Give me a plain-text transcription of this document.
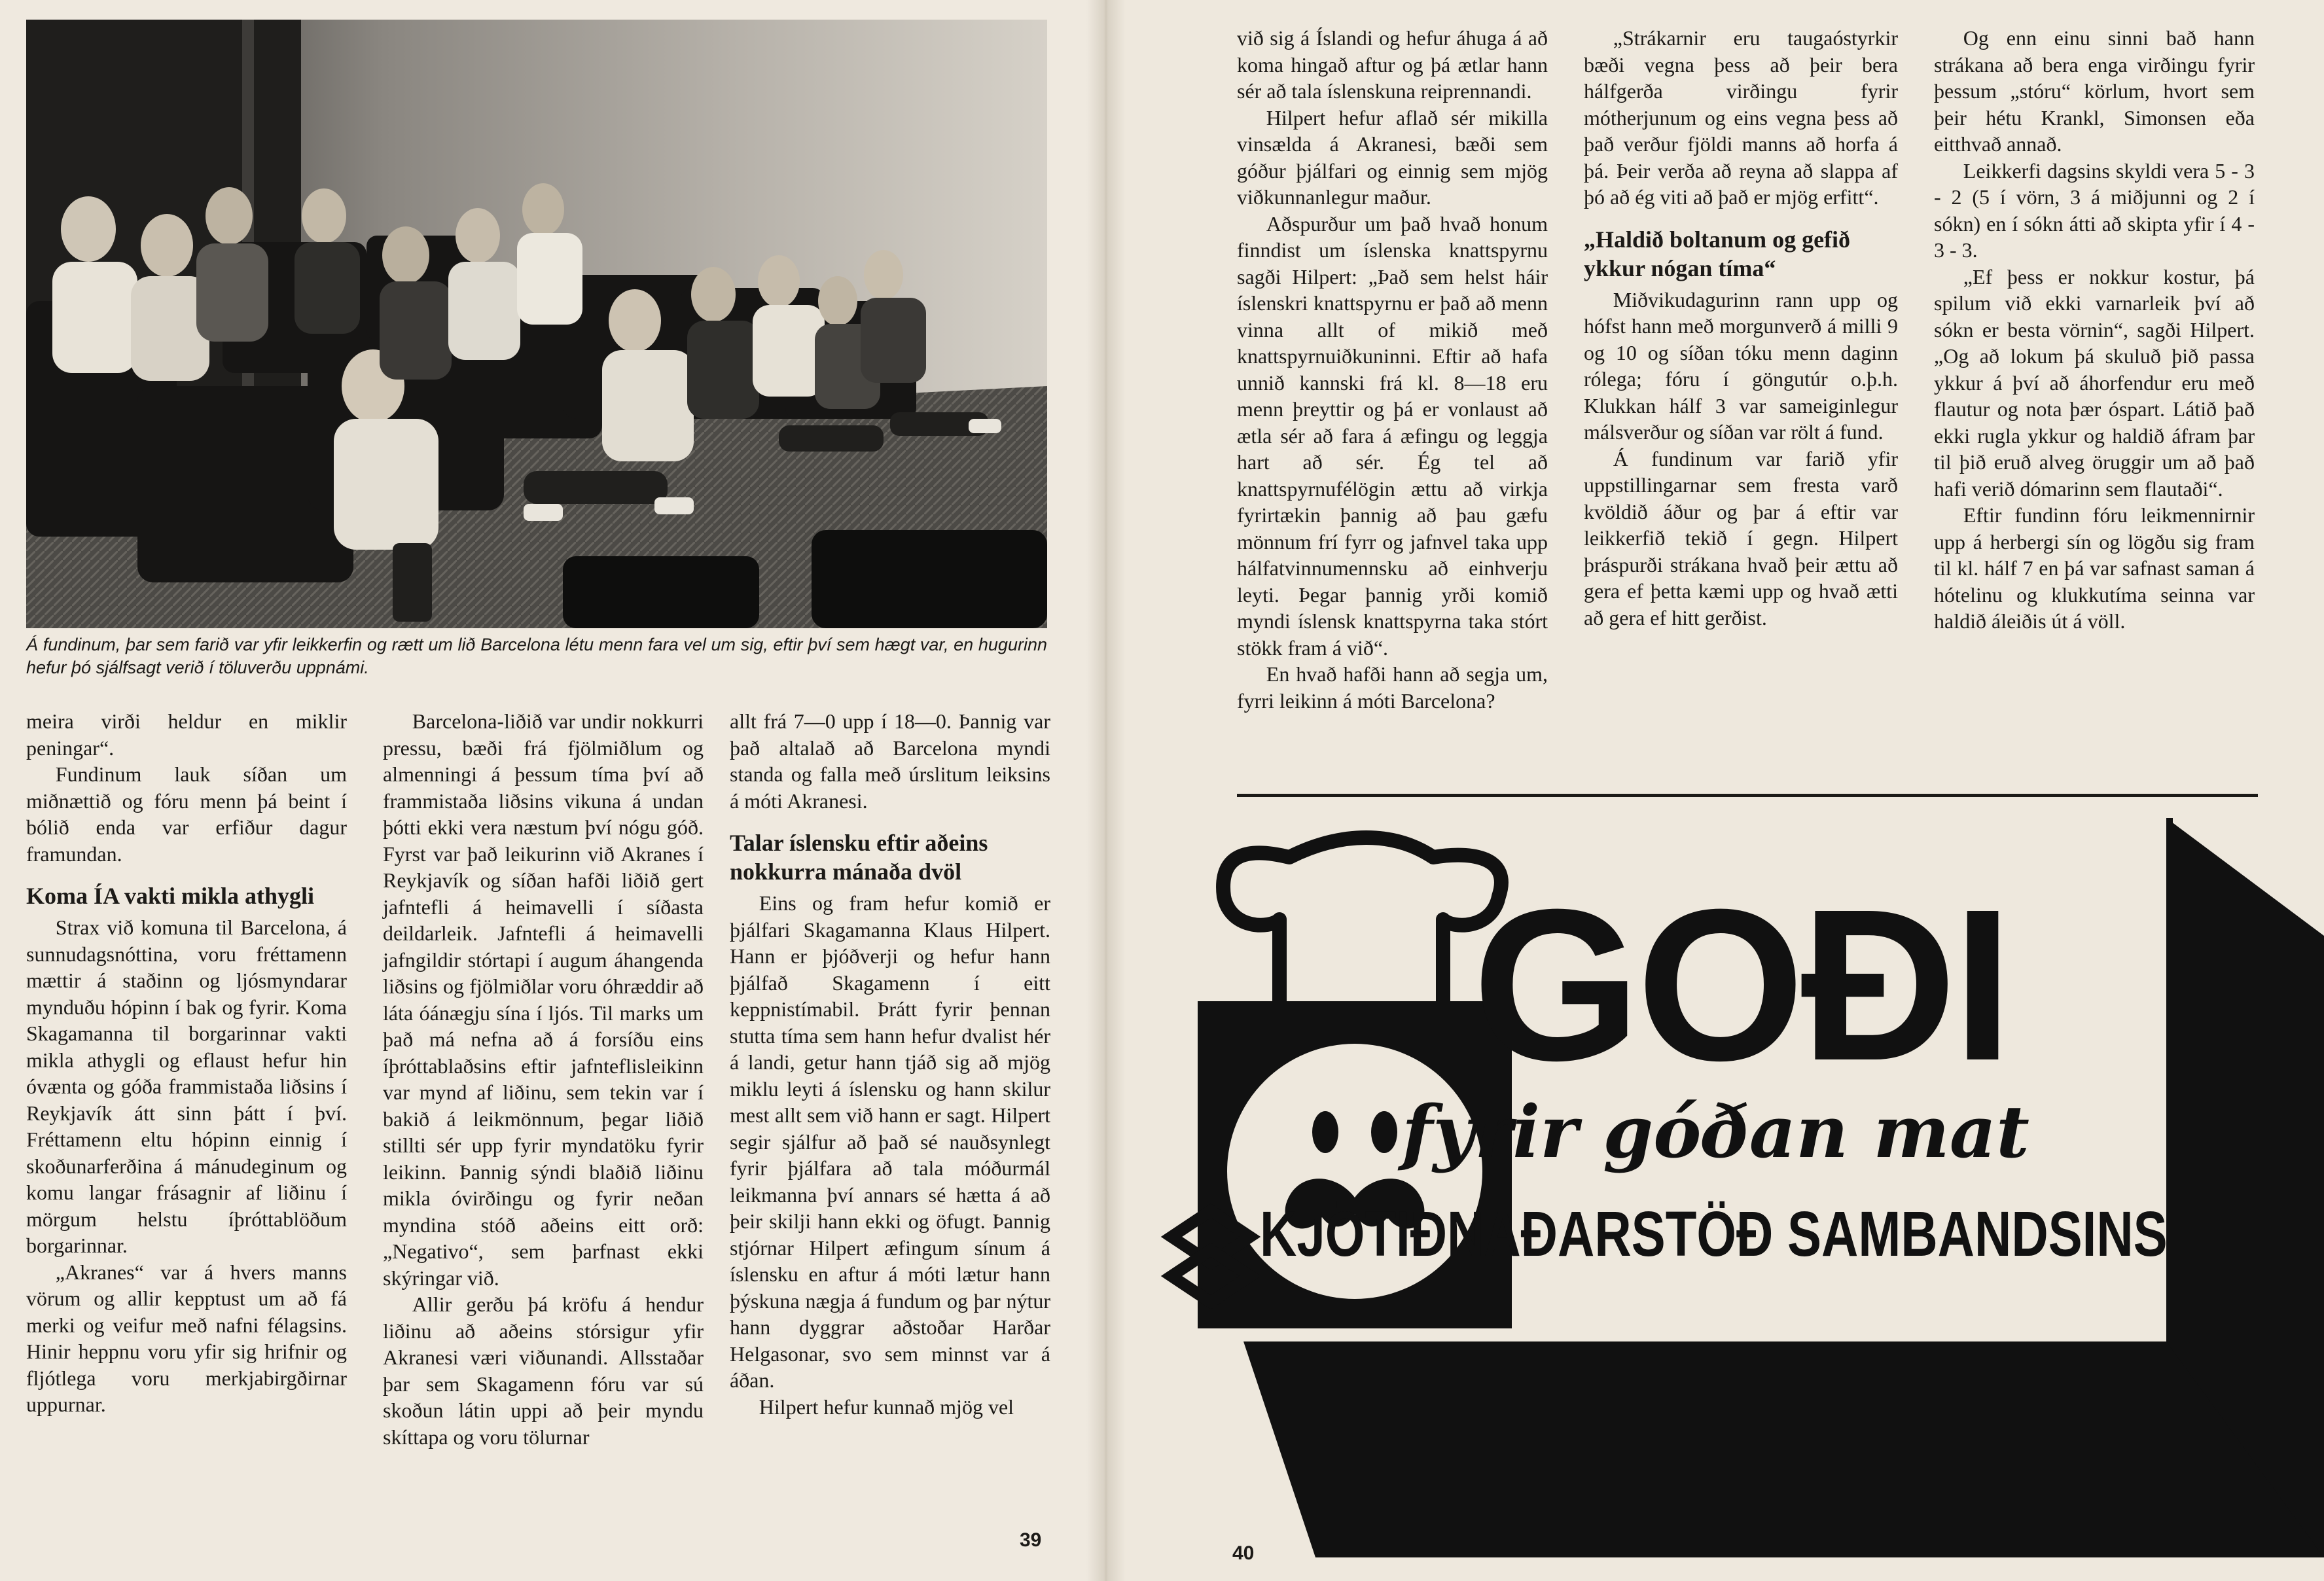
Á fundinum, þar sem farið var yfir leikkerfin og rætt um lið Barcelona létu menn fara vel um sig, eftir því sem hægt var, en hugurinn hefur þó sjálfsagt verið í töluverðu uppnámi.

meira virði heldur en miklir peningar“.

Fundinum lauk síðan um miðnættið og fóru menn þá beint í bólið enda var erfiður dagur framundan.

Koma ÍA vakti mikla athygli

Strax við komuna til Barcelona, á sunnudagsnóttina, voru fréttamenn mættir á staðinn og ljósmyndarar mynduðu hópinn í bak og fyrir. Koma Skagamanna til borgarinnar vakti mikla athygli og eflaust hefur hin óvænta og góða frammistaða liðsins í Reykjavík átt sinn þátt í því. Fréttamenn eltu hópinn einnig í skoðunarferðina á mánudeginum og komu langar frásagnir af liðinu í mörgum helstu íþróttablöðum borgarinnar.

„Akranes“ var á hvers manns vörum og allir kepptust um að fá merki og veifur með nafni félagsins. Hinir heppnu voru yfir sig hrifnir og fljótlega voru merkjabirgðirnar uppurnar.

Barcelona-liðið var undir nokkurri pressu, bæði frá fjölmiðlum og almenningi á þessum tíma því að frammistaða liðsins vikuna á undan þótti ekki vera næstum því nógu góð. Fyrst var það leikurinn við Akranes í Reykjavík og síðan hafði liðið gert jafntefli á heimavelli í síðasta deildarleik. Jafntefli á heimavelli jafngildir stórtapi í augum áhangenda liðsins og fjölmiðlar voru óhræddir að láta óánægju sína í ljós. Til marks um það má nefna að á forsíðu eins íþróttablaðsins eftir jafnteflisleikinn var mynd af liðinu, sem tekin var í bakið á leikmönnum, þegar liðið stillti sér upp fyrir myndatöku fyrir leikinn. Þannig sýndi blaðið liðinu mikla óvirðingu og fyrir neðan myndina stóð aðeins eitt orð: „Negativo“, sem þarfnast ekki skýringar við.

Allir gerðu þá kröfu á hendur liðinu að aðeins stórsigur yfir Akranesi væri viðunandi. Allsstaðar þar sem Skagamenn fóru var sú skoðun látin uppi að þeir myndu skíttapa og voru tölurnar

allt frá 7—0 upp í 18—0. Þannig var það altalað að Barcelona myndi standa og falla með úrslitum leiksins á móti Akranesi.

Talar íslensku eftir aðeins nokkurra mánaða dvöl

Eins og fram hefur komið er þjálfari Skagamanna Klaus Hilpert. Hann er þjóðverji og hefur hann þjálfað Skagamenn í eitt keppnistímabil. Þrátt fyrir þennan stutta tíma sem hann hefur dvalist hér á landi, getur hann tjáð sig að mjög miklu leyti á íslensku og hann skilur mest allt sem við hann er sagt. Hilpert segir sjálfur að það sé nauðsynlegt fyrir þjálfara að tala móðurmál leikmanna því annars sé hætta á að þeir skilji hann ekki og öfugt. Þannig stjórnar Hilpert æfingum sínum á íslensku en aftur á móti lætur hann þýskuna nægja á fundum og þar nýtur hann dyggrar aðstoðar Harðar Helgasonar, svo sem minnst var á áðan.

Hilpert hefur kunnað mjög vel

39

við sig á Íslandi og hefur áhuga á að koma hingað aftur og þá ætlar hann sér að tala íslenskuna reiprennandi.

Hilpert hefur aflað sér mikilla vinsælda á Akranesi, bæði sem góður þjálfari og einnig sem mjög viðkunnanlegur maður.

Aðspurður um það hvað honum finndist um íslenska knattspyrnu sagði Hilpert: „Það sem helst háir íslenskri knattspyrnu er það að menn vinna allt of mikið með knattspyrnuiðkuninni. Eftir að hafa unnið kannski frá kl. 8—18 eru menn þreyttir og þá er vonlaust að ætla sér að fara á æfingu og leggja hart að sér. Ég tel að knattspyrnufélögin ættu að virkja fyrirtækin þannig að þau gæfu mönnum frí fyrr og jafnvel taka upp hálfatvinnumennsku að einhverju leyti. Þegar þannig yrði komið myndi íslensk knattspyrna taka stórt stökk fram á við“.

En hvað hafði hann að segja um, fyrri leikinn á móti Barcelona?

„Strákarnir eru taugaóstyrkir bæði vegna þess að þeir bera hálfgerða virðingu fyrir mótherjunum og eins vegna þess að það verður fjöldi manns að horfa á þá. Þeir verða að reyna að slappa af þó að ég viti að það er mjög erfitt“.

„Haldið boltanum og gefið ykkur nógan tíma“

Miðvikudagurinn rann upp og hófst hann með morgunverð á milli 9 og 10 og síðan tóku menn daginn rólega; fóru í göngutúr o.þ.h. Klukkan hálf 3 var sameiginlegur málsverður og síðan var rölt á fund.

Á fundinum var farið yfir uppstillingarnar sem fresta varð kvöldið áður og þar á eftir var leikkerfið tekið í gegn. Hilpert þráspurði strákana hvað þeir ættu að gera ef þetta kæmi upp og hvað ætti að gera ef hitt gerðist.

Og enn einu sinni bað hann strákana að bera enga virðingu fyrir þessum „stóru“ körlum, hvort sem þeir hétu Krankl, Simonsen eða eitthvað annað.

Leikkerfi dagsins skyldi vera 5 - 3 - 2 (5 í vörn, 3 á miðjunni og 2 í sókn) en í sókn átti að skipta yfir í 4 - 3 - 3.

„Ef þess er nokkur kostur, þá spilum við ekki varnarleik því að sókn er besta vörnin“, sagði Hilpert. „Og að lokum þá skuluð þið passa ykkur á því að áhorfendur eru með flautur og nota þær óspart. Látið það ekki rugla ykkur og haldið áfram þar til þið eruð alveg öruggir um að það hafi verið dómarinn sem flautaði“.

Eftir fundinn fóru leikmennirnir upp á herbergi sín og lögðu sig fram til kl. hálf 7 en þá var safnast saman á hótelinu og klukkutíma seinna var haldið áleiðis út á völl.

GOÐI

fyrir góðan mat

KJÖTIÐNAÐARSTÖÐ SAMBANDSINS

40
